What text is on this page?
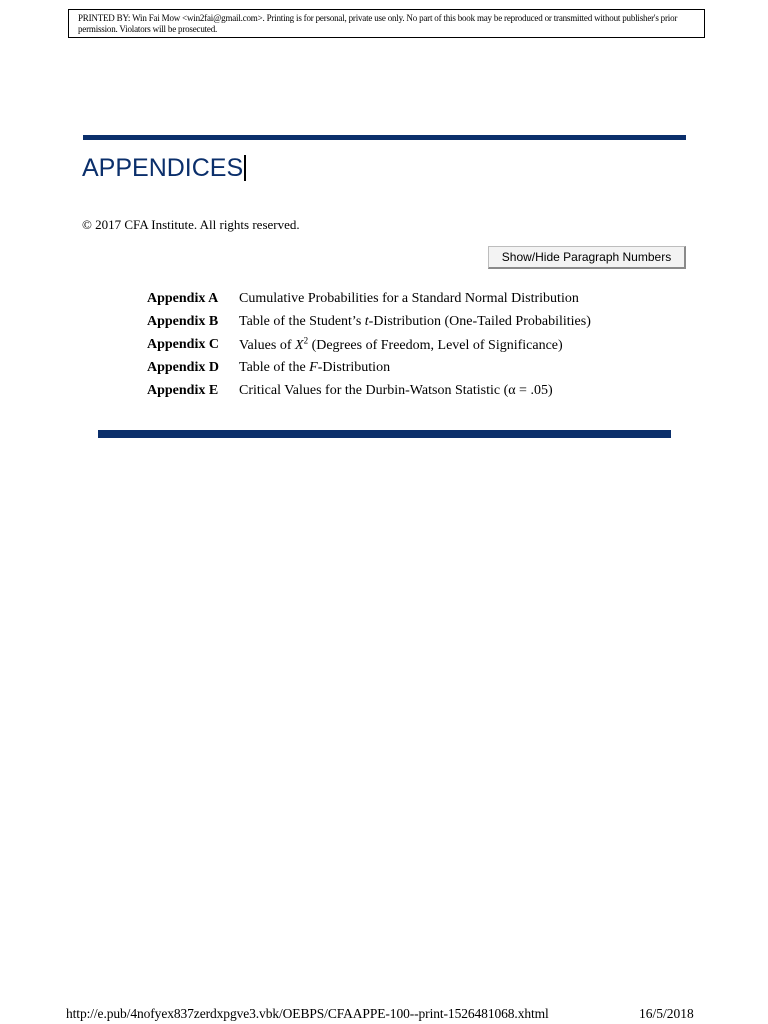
PRINTED BY: Win Fai Mow <win2fai@gmail.com>. Printing is for personal, private use only. No part of this book may be reproduced or transmitted without publisher's prior permission. Violators will be prosecuted.
APPENDICES
© 2017 CFA Institute. All rights reserved.
Show/Hide Paragraph Numbers
Appendix A	Cumulative Probabilities for a Standard Normal Distribution
Appendix B	Table of the Student’s t-Distribution (One-Tailed Probabilities)
Appendix C	Values of X$^2$ (Degrees of Freedom, Level of Significance)
Appendix D	Table of the F-Distribution
Appendix E	Critical Values for the Durbin-Watson Statistic (α = .05)
http://e.pub/4nofyex837zerdxpgve3.vbk/OEBPS/CFAAPPE-100--print-1526481068.xhtml	16/5/2018
